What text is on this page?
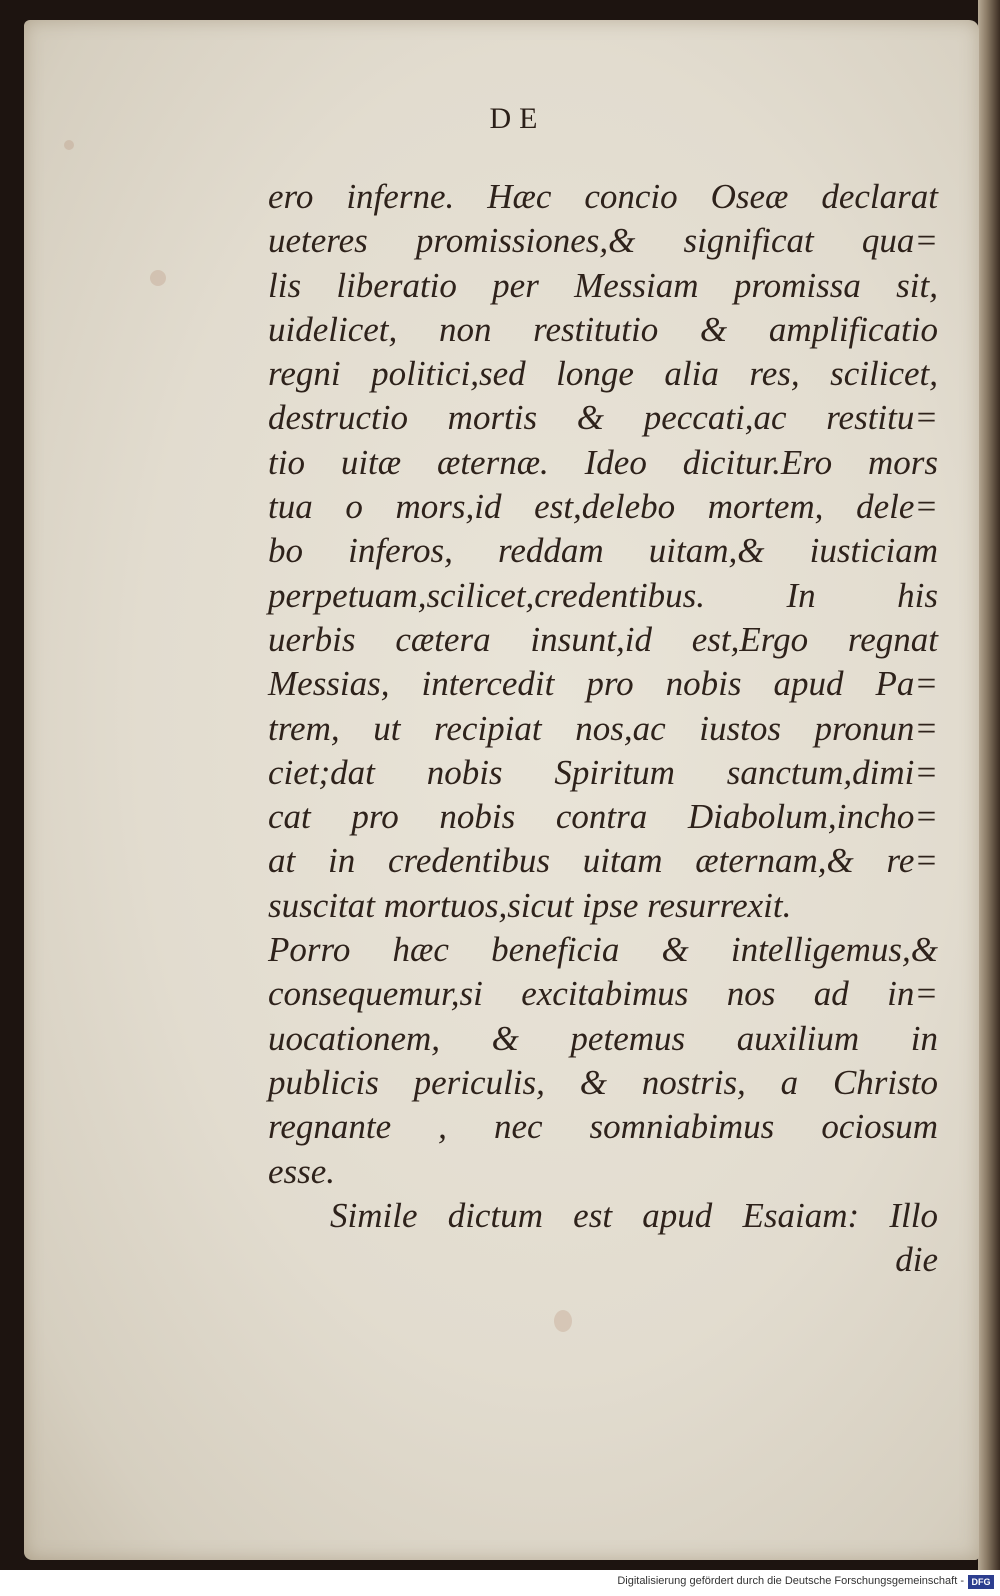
DE
ero inferne. Hæc concio Oseæ declarat
ueteres promissiones,& significat qua=
lis liberatio per Messiam promissa sit,
uidelicet, non restitutio & amplificatio
regni politici,sed longe alia res, scilicet,
destructio mortis & peccati,ac restitu=
tio uitæ æternæ. Ideo dicitur.Ero mors
tua o mors,id est,delebo mortem, dele=
bo inferos, reddam uitam,& iusticiam
perpetuam,scilicet,credentibus. In his
uerbis cætera insunt,id est,Ergo regnat
Messias, intercedit pro nobis apud Pa=
trem, ut recipiat nos,ac iustos pronun=
ciet;dat nobis Spiritum sanctum,dimi=
cat pro nobis contra Diabolum,incho=
at in credentibus uitam æternam,& re=
suscitat mortuos,sicut ipse resurrexit.
Porro hæc beneficia & intelligemus,&
consequemur,si excitabimus nos ad in=
uocationem, & petemus auxilium in
publicis periculis, & nostris, a Christo
regnante , nec somniabimus ociosum
esse.
Simile dictum est apud Esaiam: Illo
die
Digitalisierung gefördert durch die Deutsche Forschungsgemeinschaft - DFG
